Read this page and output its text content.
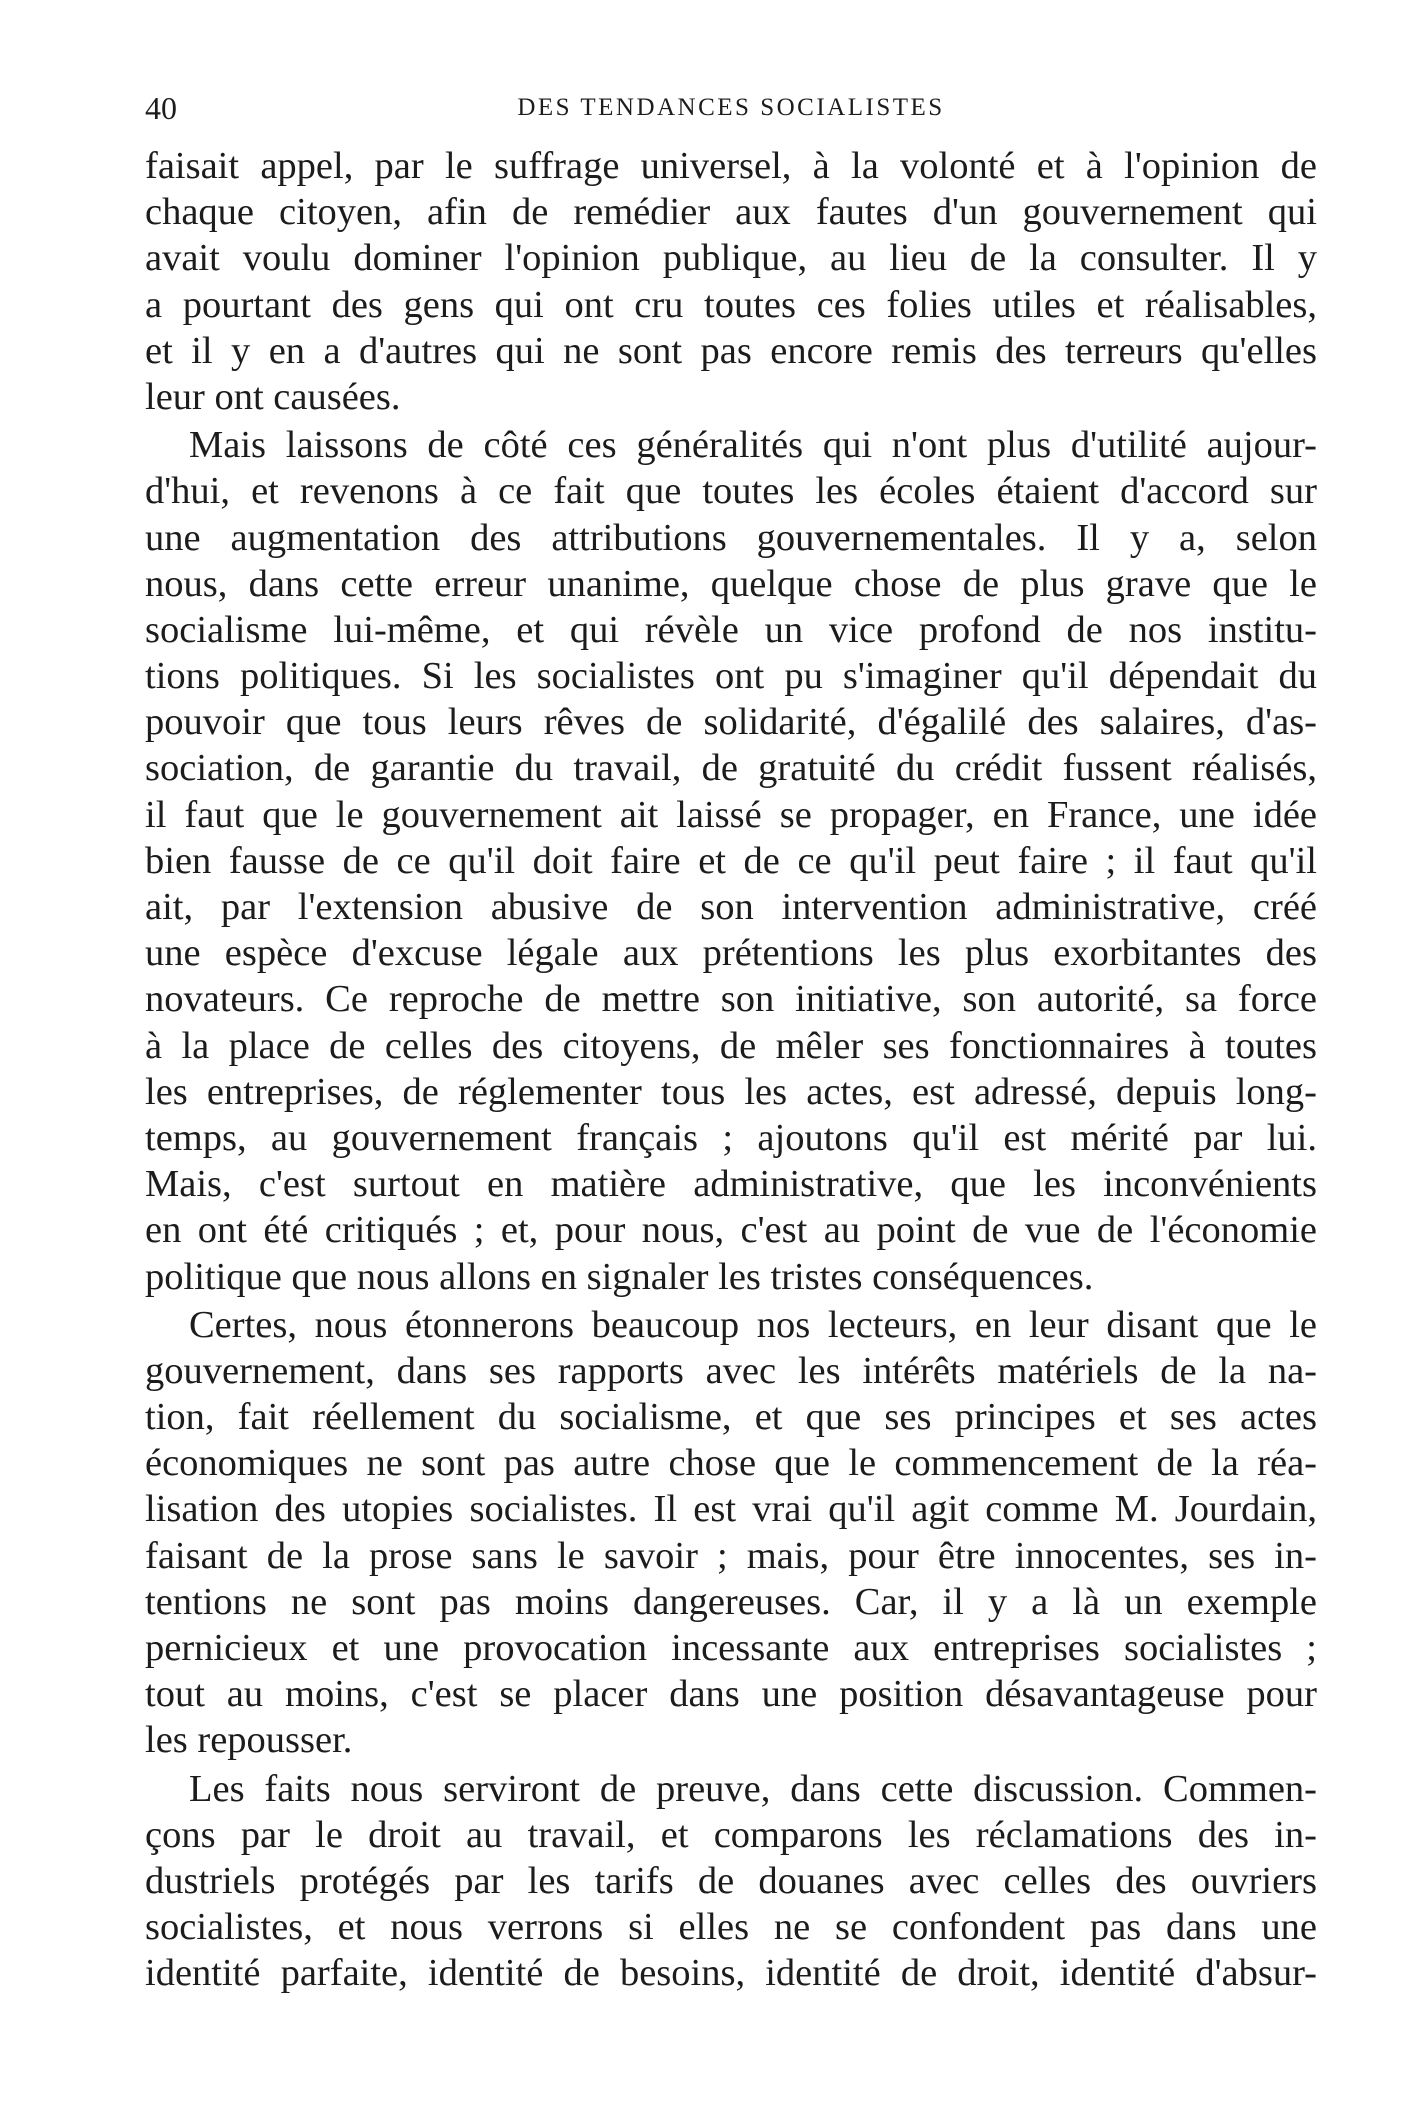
40	DES TENDANCES SOCIALISTES
faisait appel, par le suffrage universel, à la volonté et à l'opinion de
chaque citoyen, afin de remédier aux fautes d'un gouvernement qui
avait voulu dominer l'opinion publique, au lieu de la consulter. Il y
a pourtant des gens qui ont cru toutes ces folies utiles et réalisables,
et il y en a d'autres qui ne sont pas encore remis des terreurs qu'elles
leur ont causées.
Mais laissons de côté ces généralités qui n'ont plus d'utilité aujour-
d'hui, et revenons à ce fait que toutes les écoles étaient d'accord sur
une augmentation des attributions gouvernementales. Il y a, selon
nous, dans cette erreur unanime, quelque chose de plus grave que le
socialisme lui-même, et qui révèle un vice profond de nos institu-
tions politiques. Si les socialistes ont pu s'imaginer qu'il dépendait du
pouvoir que tous leurs rêves de solidarité, d'égalilé des salaires, d'as-
sociation, de garantie du travail, de gratuité du crédit fussent réalisés,
il faut que le gouvernement ait laissé se propager, en France, une idée
bien fausse de ce qu'il doit faire et de ce qu'il peut faire ; il faut qu'il
ait, par l'extension abusive de son intervention administrative, créé
une espèce d'excuse légale aux prétentions les plus exorbitantes des
novateurs. Ce reproche de mettre son initiative, son autorité, sa force
à la place de celles des citoyens, de mêler ses fonctionnaires à toutes
les entreprises, de réglementer tous les actes, est adressé, depuis long-
temps, au gouvernement français ; ajoutons qu'il est mérité par lui.
Mais, c'est surtout en matière administrative, que les inconvénients
en ont été critiqués ; et, pour nous, c'est au point de vue de l'économie
politique que nous allons en signaler les tristes conséquences.
Certes, nous étonnerons beaucoup nos lecteurs, en leur disant que le
gouvernement, dans ses rapports avec les intérêts matériels de la na-
tion, fait réellement du socialisme, et que ses principes et ses actes
économiques ne sont pas autre chose que le commencement de la réa-
lisation des utopies socialistes. Il est vrai qu'il agit comme M. Jourdain,
faisant de la prose sans le savoir ; mais, pour être innocentes, ses in-
tentions ne sont pas moins dangereuses. Car, il y a là un exemple
pernicieux et une provocation incessante aux entreprises socialistes ;
tout au moins, c'est se placer dans une position désavantageuse pour
les repousser.
Les faits nous serviront de preuve, dans cette discussion. Commen-
çons par le droit au travail, et comparons les réclamations des in-
dustriels protégés par les tarifs de douanes avec celles des ouvriers
socialistes, et nous verrons si elles ne se confondent pas dans une
identité parfaite, identité de besoins, identité de droit, identité d'absur-
